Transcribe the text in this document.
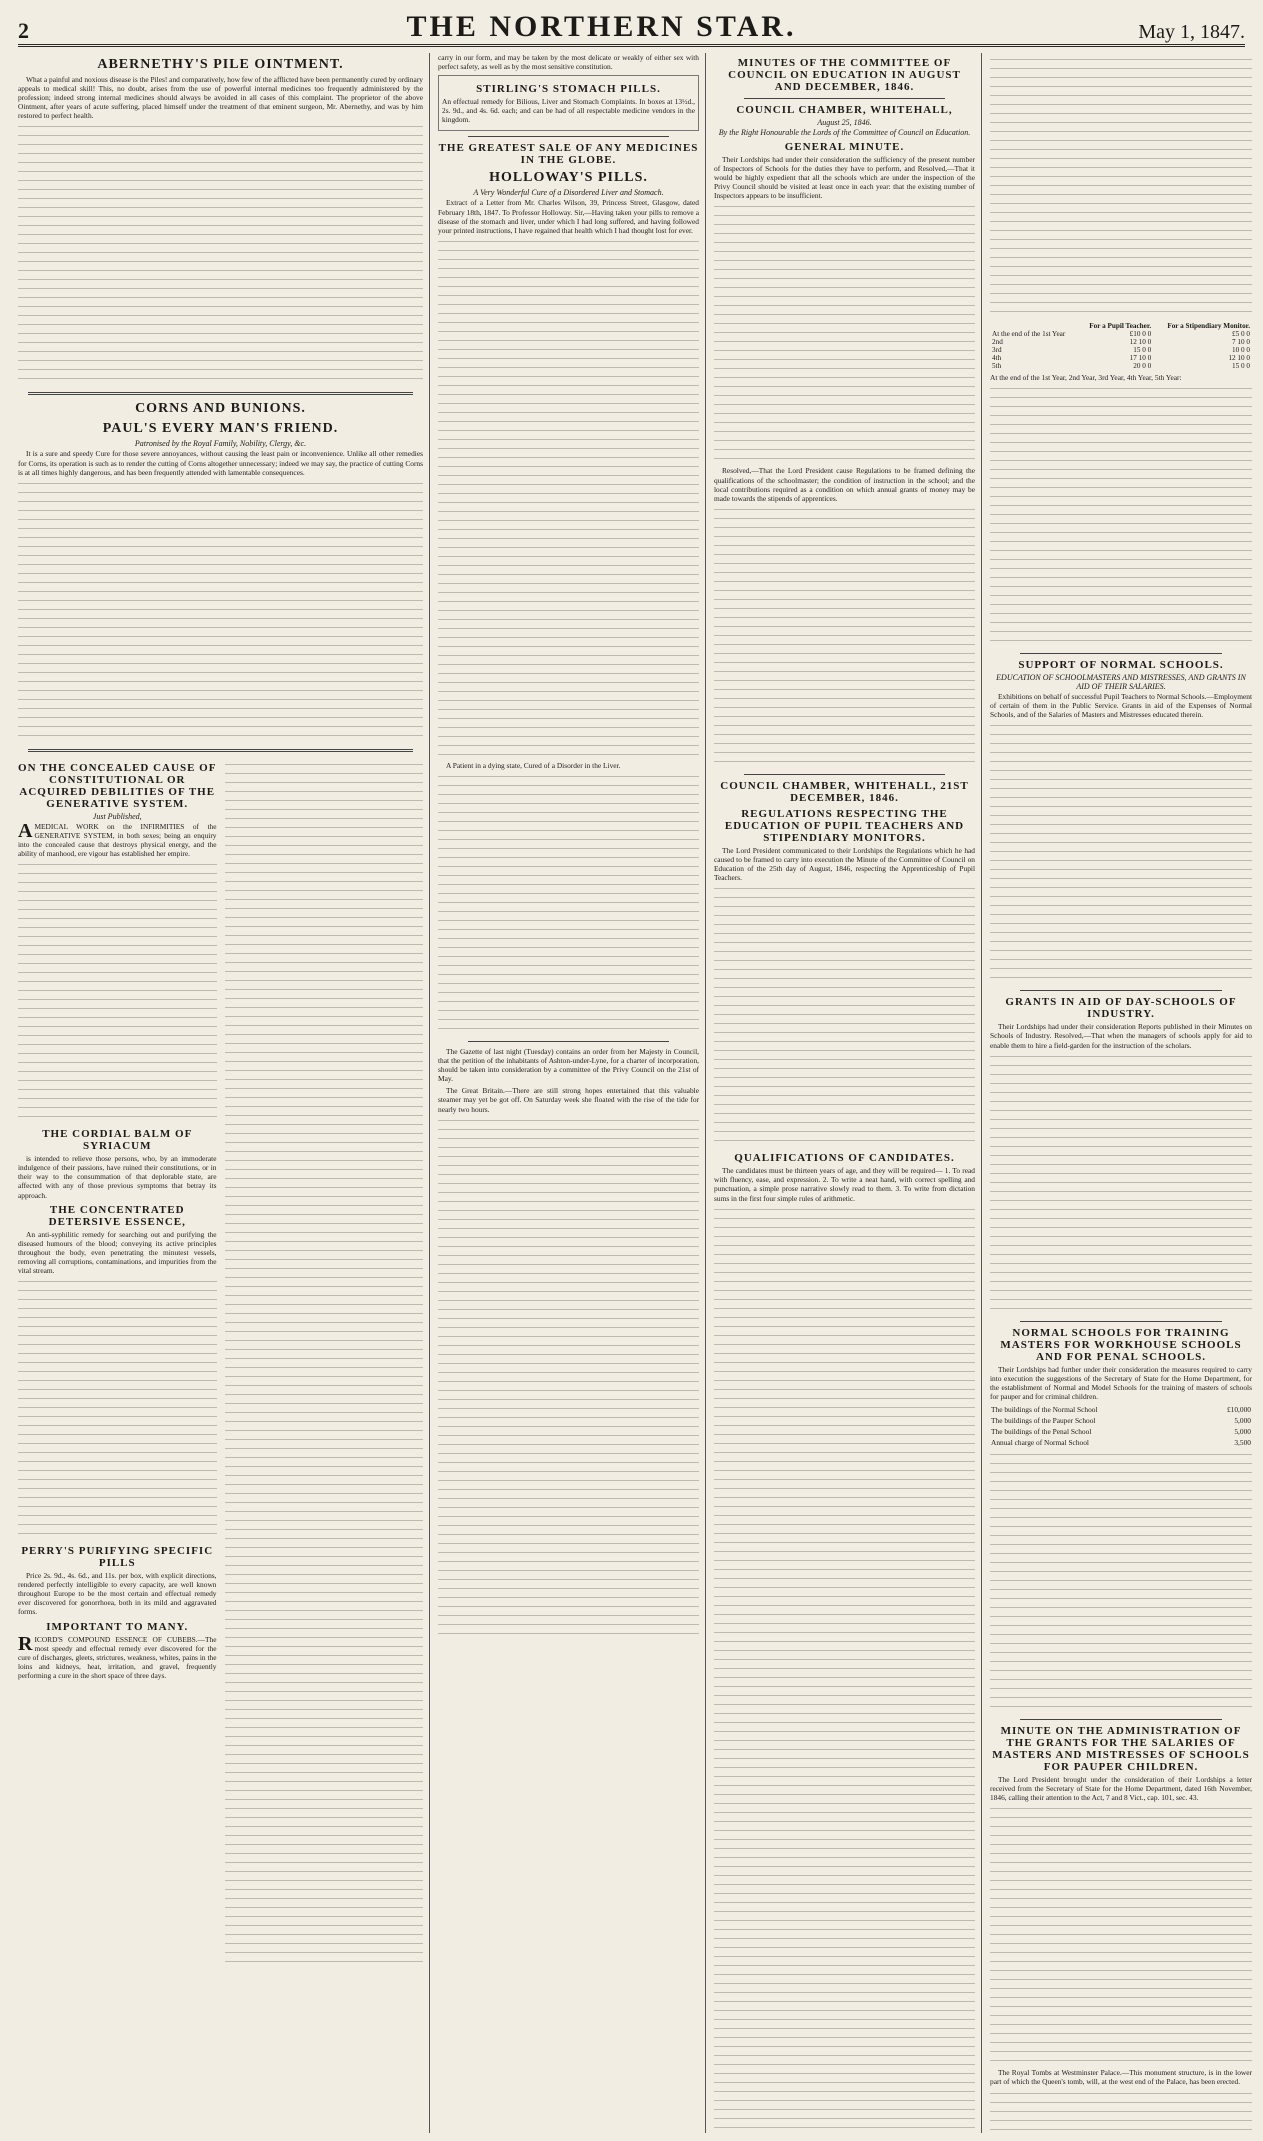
2	THE NORTHERN STAR.	May 1, 1847.
ABERNETHY'S PILE OINTMENT.

What a painful and noxious disease is the Piles! and comparatively, how few of the afflicted have been permanently cured by ordinary appeals to medical skill! This, no doubt, arises from the use of powerful internal medicines too frequently administered by the profession; indeed strong internal medicines should always be avoided in all cases of this complaint. The proprietor of the above Ointment, after years of acute suffering, placed himself under the treatment of that eminent surgeon, Mr. Abernethy, and was by him restored to perfect health.

CORNS AND BUNIONS.
PAUL'S EVERY MAN'S FRIEND.
Patronised by the Royal Family, Nobility, Clergy, &c.

It is a sure and speedy Cure for those severe annoyances, without causing the least pain or inconvenience. Unlike all other remedies for Corns, its operation is such as to render the cutting of Corns altogether unnecessary; indeed we may say, the practice of cutting Corns is at all times highly dangerous, and has been frequently attended with lamentable consequences.

ON THE CONCEALED CAUSE OF CONSTITUTIONAL OR ACQUIRED DEBILITIES OF THE GENERATIVE SYSTEM.
Just Published,

AMEDICAL WORK on the INFIRMITIES of the GENERATIVE SYSTEM, in both sexes; being an enquiry into the concealed cause that destroys physical energy, and the ability of manhood, ere vigour has established her empire.

THE CORDIAL BALM OF SYRIACUM

is intended to relieve those persons, who, by an immoderate indulgence of their passions, have ruined their constitutions, or in their way to the consummation of that deplorable state, are affected with any of those previous symptoms that betray its approach.

THE CONCENTRATED DETERSIVE ESSENCE,

An anti-syphilitic remedy for searching out and purifying the diseased humours of the blood; conveying its active principles throughout the body, even penetrating the minutest vessels, removing all corruptions, contaminations, and impurities from the vital stream.

PERRY'S PURIFYING SPECIFIC PILLS

Price 2s. 9d., 4s. 6d., and 11s. per box, with explicit directions, rendered perfectly intelligible to every capacity, are well known throughout Europe to be the most certain and effectual remedy ever discovered for gonorrhoea, both in its mild and aggravated forms.

IMPORTANT TO MANY.

RICORD'S COMPOUND ESSENCE OF CUBEBS.—The most speedy and effectual remedy ever discovered for the cure of discharges, gleets, strictures, weakness, whites, pains in the loins and kidneys, heat, irritation, and gravel, frequently performing a cure in the short space of three days.

carry in our form, and may be taken by the most delicate or weakly of either sex with perfect safety, as well as by the most sensitive constitution.

STIRLING'S STOMACH PILLS.

An effectual remedy for Bilious, Liver and Stomach Complaints. In boxes at 13½d., 2s. 9d., and 4s. 6d. each; and can be had of all respectable medicine vendors in the kingdom.

THE GREATEST SALE OF ANY MEDICINES IN THE GLOBE.
HOLLOWAY'S PILLS.
A Very Wonderful Cure of a Disordered Liver and Stomach.

Extract of a Letter from Mr. Charles Wilson, 39, Princess Street, Glasgow, dated February 18th, 1847. To Professor Holloway. Sir,—Having taken your pills to remove a disease of the stomach and liver, under which I had long suffered, and having followed your printed instructions, I have regained that health which I had thought lost for ever.

A Patient in a dying state, Cured of a Disorder in the Liver.

The Gazette of last night (Tuesday) contains an order from her Majesty in Council, that the petition of the inhabitants of Ashton-under-Lyne, for a charter of incorporation, should be taken into consideration by a committee of the Privy Council on the 21st of May.

The Great Britain.—There are still strong hopes entertained that this valuable steamer may yet be got off. On Saturday week she floated with the rise of the tide for nearly two hours.

MINUTES OF THE COMMITTEE OF COUNCIL ON EDUCATION IN AUGUST AND DECEMBER, 1846.
COUNCIL CHAMBER, WHITEHALL,
August 25, 1846.
By the Right Honourable the Lords of the Committee of Council on Education.
GENERAL MINUTE.

Their Lordships had under their consideration the sufficiency of the present number of Inspectors of Schools for the duties they have to perform, and Resolved,—That it would be highly expedient that all the schools which are under the inspection of the Privy Council should be visited at least once in each year: that the existing number of Inspectors appears to be insufficient.

Resolved,—That the Lord President cause Regulations to be framed defining the qualifications of the schoolmaster; the condition of instruction in the school; and the local contributions required as a condition on which annual grants of money may be made towards the stipends of apprentices.

COUNCIL CHAMBER, WHITEHALL, 21ST DECEMBER, 1846.
REGULATIONS RESPECTING THE EDUCATION OF PUPIL TEACHERS AND STIPENDIARY MONITORS.

The Lord President communicated to their Lordships the Regulations which he had caused to be framed to carry into execution the Minute of the Committee of Council on Education of the 25th day of August, 1846, respecting the Apprenticeship of Pupil Teachers.

QUALIFICATIONS OF CANDIDATES.

The candidates must be thirteen years of age, and they will be required— 1. To read with fluency, ease, and expression. 2. To write a neat hand, with correct spelling and punctuation, a simple prose narrative slowly read to them. 3. To write from dictation sums in the first four simple rules of arithmetic.

	For a Pupil Teacher.	For a Stipendiary Monitor.
At the end of the 1st Year	£10 0 0	£5 0 0
2nd	12 10 0	7 10 0
3rd	15 0 0	10 0 0
4th	17 10 0	12 10 0
5th	20 0 0	15 0 0

At the end of the 1st Year, 2nd Year, 3rd Year, 4th Year, 5th Year:

SUPPORT OF NORMAL SCHOOLS.
EDUCATION OF SCHOOLMASTERS AND MISTRESSES, AND GRANTS IN AID OF THEIR SALARIES.

Exhibitions on behalf of successful Pupil Teachers to Normal Schools.—Employment of certain of them in the Public Service. Grants in aid of the Expenses of Normal Schools, and of the Salaries of Masters and Mistresses educated therein.

GRANTS IN AID OF DAY-SCHOOLS OF INDUSTRY.

Their Lordships had under their consideration Reports published in their Minutes on Schools of Industry. Resolved,—That when the managers of schools apply for aid to enable them to hire a field-garden for the instruction of the scholars.

NORMAL SCHOOLS FOR TRAINING MASTERS FOR WORKHOUSE SCHOOLS AND FOR PENAL SCHOOLS.

Their Lordships had further under their consideration the measures required to carry into execution the suggestions of the Secretary of State for the Home Department, for the establishment of Normal and Model Schools for the training of masters of schools for pauper and for criminal children.

The buildings of the Normal School	£10,000
The buildings of the Pauper School	5,000
The buildings of the Penal School	5,000
Annual charge of Normal School	3,500
MINUTE ON THE ADMINISTRATION OF THE GRANTS FOR THE SALARIES OF MASTERS AND MISTRESSES OF SCHOOLS FOR PAUPER CHILDREN.

The Lord President brought under the consideration of their Lordships a letter received from the Secretary of State for the Home Department, dated 16th November, 1846, calling their attention to the Act, 7 and 8 Vict., cap. 101, sec. 43.

The Royal Tombs at Westminster Palace.—This monument structure, is in the lower part of which the Queen's tomb, will, at the west end of the Palace, has been erected.
